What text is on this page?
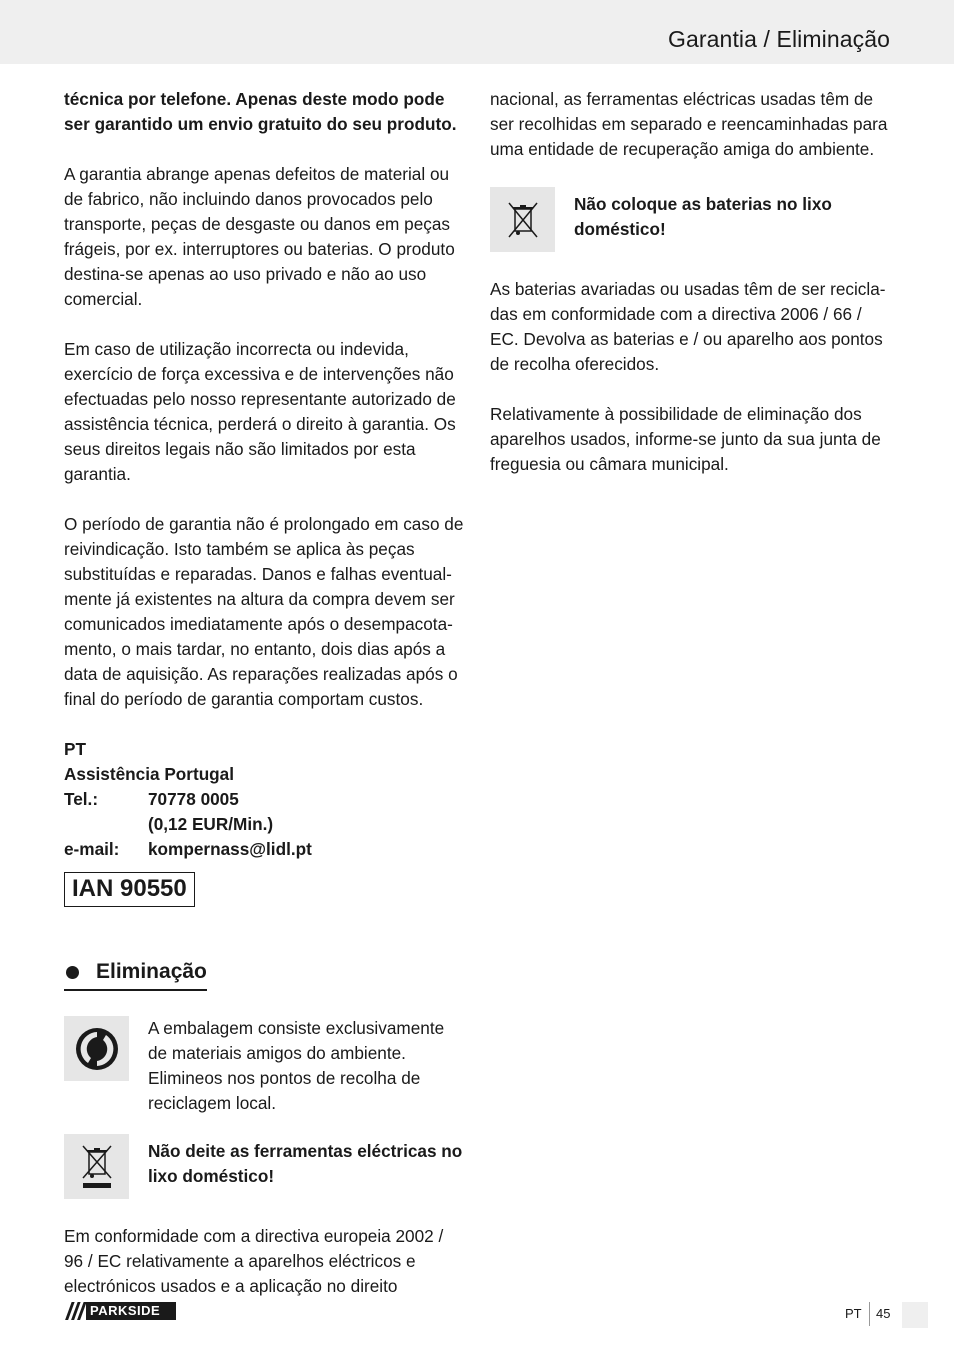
Garantia / Eliminação

técnica por telefone. Apenas deste modo pode ser garantido um envio gratuito do seu produto.

A garantia abrange apenas defeitos de material ou de fabrico, não incluindo danos provocados pelo transporte, peças de desgaste ou danos em peças frágeis, por ex. interruptores ou baterias. O produto destina-se apenas ao uso privado e não ao uso comercial.

Em caso de utilização incorrecta ou indevida, exercício de força excessiva e de intervenções não efectuadas pelo nosso representante autorizado de assistência técnica, perderá o direito à garantia. Os seus direitos legais não são limitados por esta garantia.

O período de garantia não é prolongado em caso de reivindicação. Isto também se aplica às peças substituídas e reparadas. Danos e falhas eventual-mente já existentes na altura da compra devem ser comunicados imediatamente após o desempacota-mento, o mais tardar, no entanto, dois dias após a data de aquisição. As reparações realizadas após o final do período de garantia comportam custos.

PT	
Assistência Portugal	
Tel.:	70778 0005
	(0,12 EUR/Min.)
e-mail:	kompernass@lidl.pt
IAN 90550
Eliminação

A embalagem consiste exclusivamente de materiais amigos do ambiente. Elimineos nos pontos de recolha de reciclagem local.

Não deite as ferramentas eléctricas no lixo doméstico!

Em conformidade com a directiva europeia 2002 / 96 / EC relativamente a aparelhos eléctricos e electrónicos usados e a aplicação no direito

nacional, as ferramentas eléctricas usadas têm de ser recolhidas em separado e reencaminhadas para uma entidade de recuperação amiga do ambiente.

Não coloque as baterias no lixo doméstico!

As baterias avariadas ou usadas têm de ser recicla-das em conformidade com a directiva 2006 / 66 / EC. Devolva as baterias e / ou aparelho aos pontos de recolha oferecidos.

Relativamente à possibilidade de eliminação dos aparelhos usados, informe-se junto da sua junta de freguesia ou câmara municipal.

PARKSIDE	PT 45
